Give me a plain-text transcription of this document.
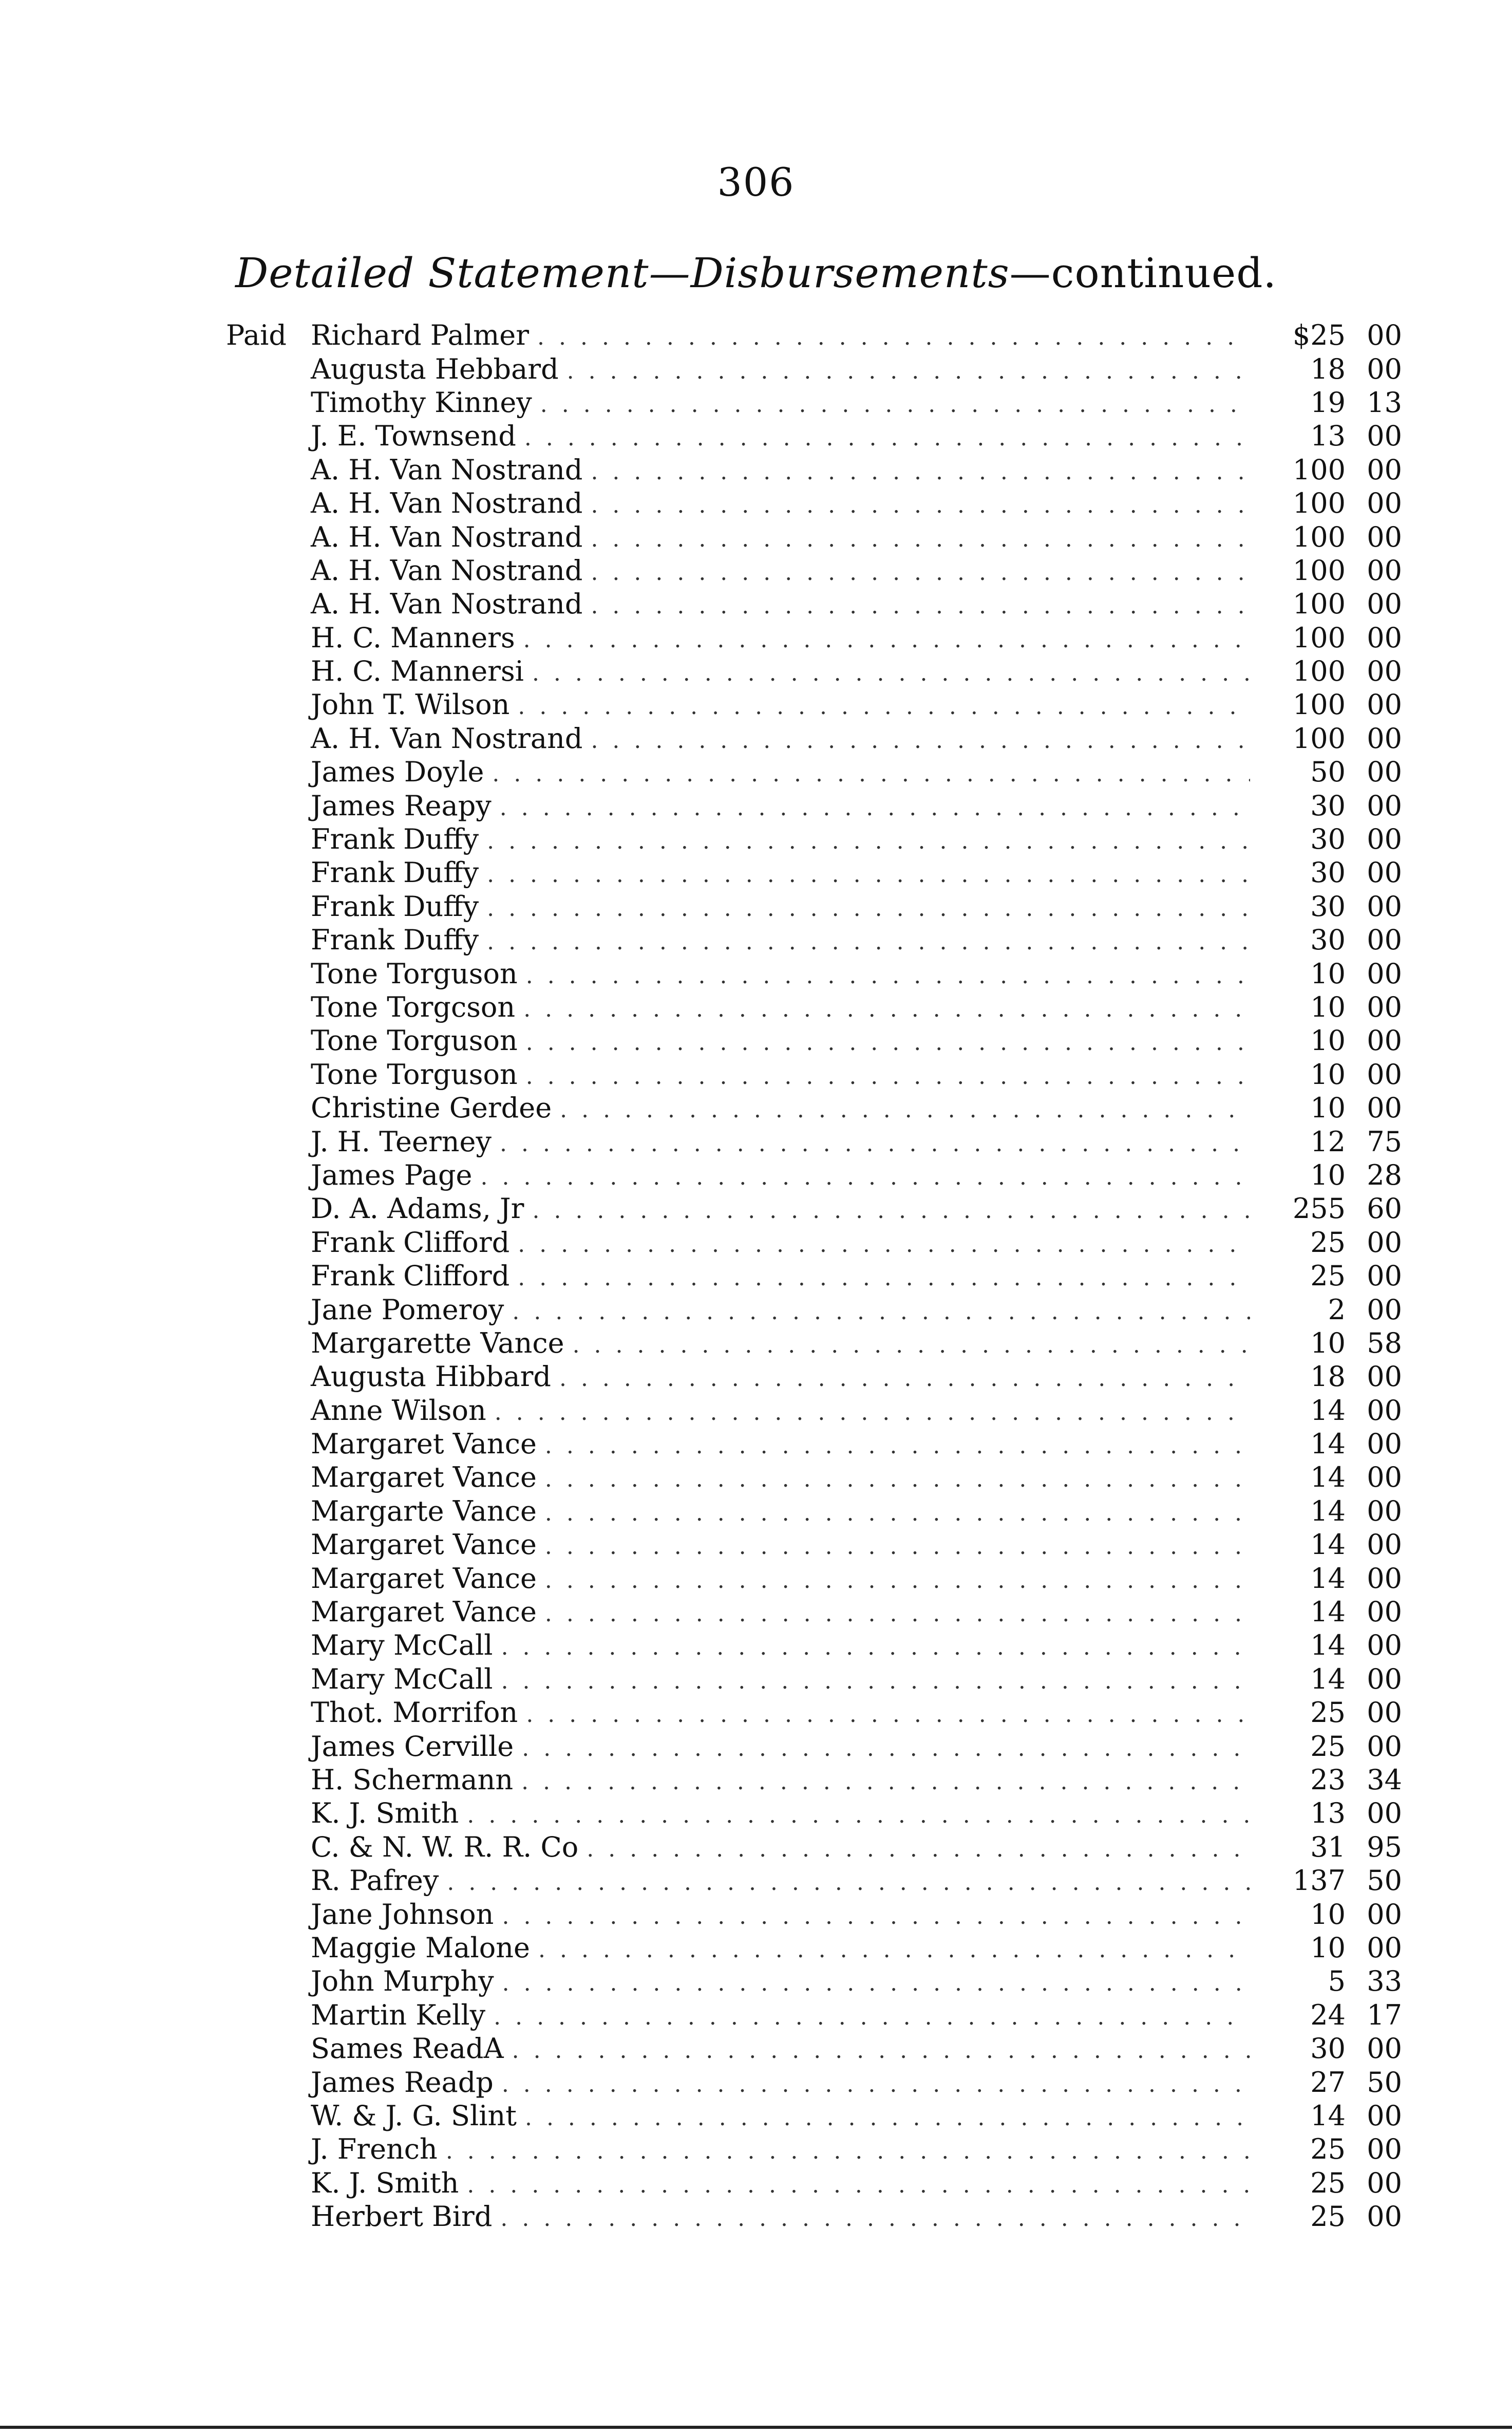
306
Detailed Statement—Disbursements—continued.
Paid Richard Palmer . . .	$25 00
Augusta Hebbard . . .	18 00
Timothy Kinney . . .	19 13
J. E. Townsend . . .	13 00
A. H. Van Nostrand . . .	100 00
A. H. Van Nostrand . . .	100 00
A. H. Van Nostrand . . .	100 00
A. H. Van Nostrand . . .	100 00
A. H. Van Nostrand . . .	100 00
H. C. Manners . . .	100 00
H. C. Mannersi . . .	100 00
John T. Wilson . . .	100 00
A. H. Van Nostrand . . .	100 00
James Doyle . . .	50 00
James Reapy . . .	30 00
Frank Duffy . . .	30 00
Frank Duffy . . .	30 00
Frank Duffy . . .	30 00
Frank Duffy . . .	30 00
Tone Torguson . . .	10 00
Tone Torgcson . . .	10 00
Tone Torguson . . .	10 00
Tone Torguson . . .	10 00
Christine Gerdee . . .	10 00
J. H. Teerney . . .	12 75
James Page . . .	10 28
D. A. Adams, Jr . . .	255 60
Frank Clifford . . .	25 00
Frank Clifford . . .	25 00
Jane Pomeroy . . .	2 00
Margarette Vance . . .	10 58
Augusta Hibbard . . .	18 00
Anne Wilson . . .	14 00
Margaret Vance . . .	14 00
Margaret Vance . . .	14 00
Margarte Vance . . .	14 00
Margaret Vance . . .	14 00
Margaret Vance . . .	14 00
Margaret Vance . . .	14 00
Mary McCall . . .	14 00
Mary McCall . . .	14 00
Thot. Morrifon . . .	25 00
James Cerville . . .	25 00
H. Schermann . . .	23 34
K. J. Smith . . .	13 00
C. & N. W. R. R. Co . . .	31 95
R. Pafrey . . .	137 50
Jane Johnson . . .	10 00
Maggie Malone . . .	10 00
John Murphy . . .	5 33
Martin Kelly . . .	24 17
Sames ReadA . . .	30 00
James Readp . . .	27 50
W. & J. G. Slint . . .	14 00
J. French . . .	25 00
K. J. Smith . . .	25 00
Herbert Bird . . .	25 00
